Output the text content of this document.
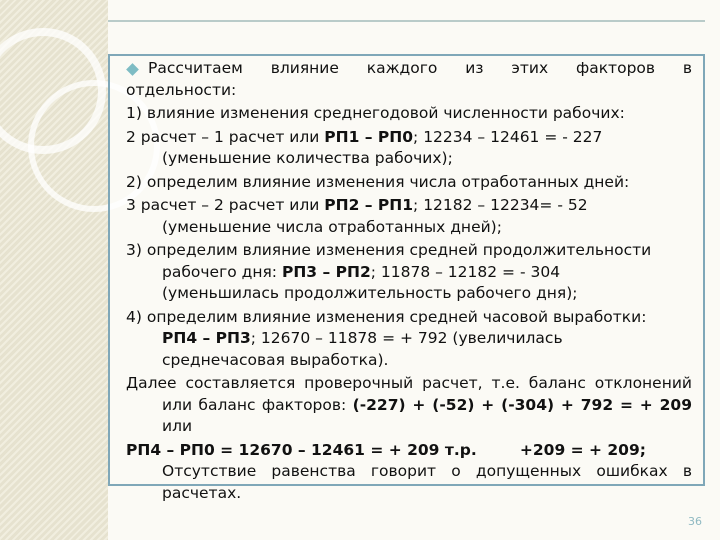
Рассчитаем влияние каждого из этих факторов в
отдельности:

1) влияние изменения среднегодовой численности рабочих:

2 расчет – 1 расчет или РП1 – РП0; 12234 – 12461 = - 227
(уменьшение количества рабочих);

2) определим влияние изменения числа отработанных дней:

3 расчет – 2 расчет или РП2 – РП1; 12182 – 12234= - 52
(уменьшение числа отработанных дней);

3) определим влияние изменения средней продолжительности
рабочего дня: РП3 – РП2; 11878 – 12182 = - 304
(уменьшилась продолжительность рабочего дня);

4) определим влияние изменения средней часовой выработки:
РП4 – РП3; 12670 – 11878 = + 792 (увеличилась
среднечасовая выработка).

Далее составляется проверочный расчет, т.е. баланс отклонений или баланс факторов: (-227) + (-52) + (-304) + 792 = + 209 или

РП4 – РП0 = 12670 – 12461 = + 209 т.р.        +209 = + 209;
Отсутствие равенства говорит о допущенных ошибках в расчетах.

36
